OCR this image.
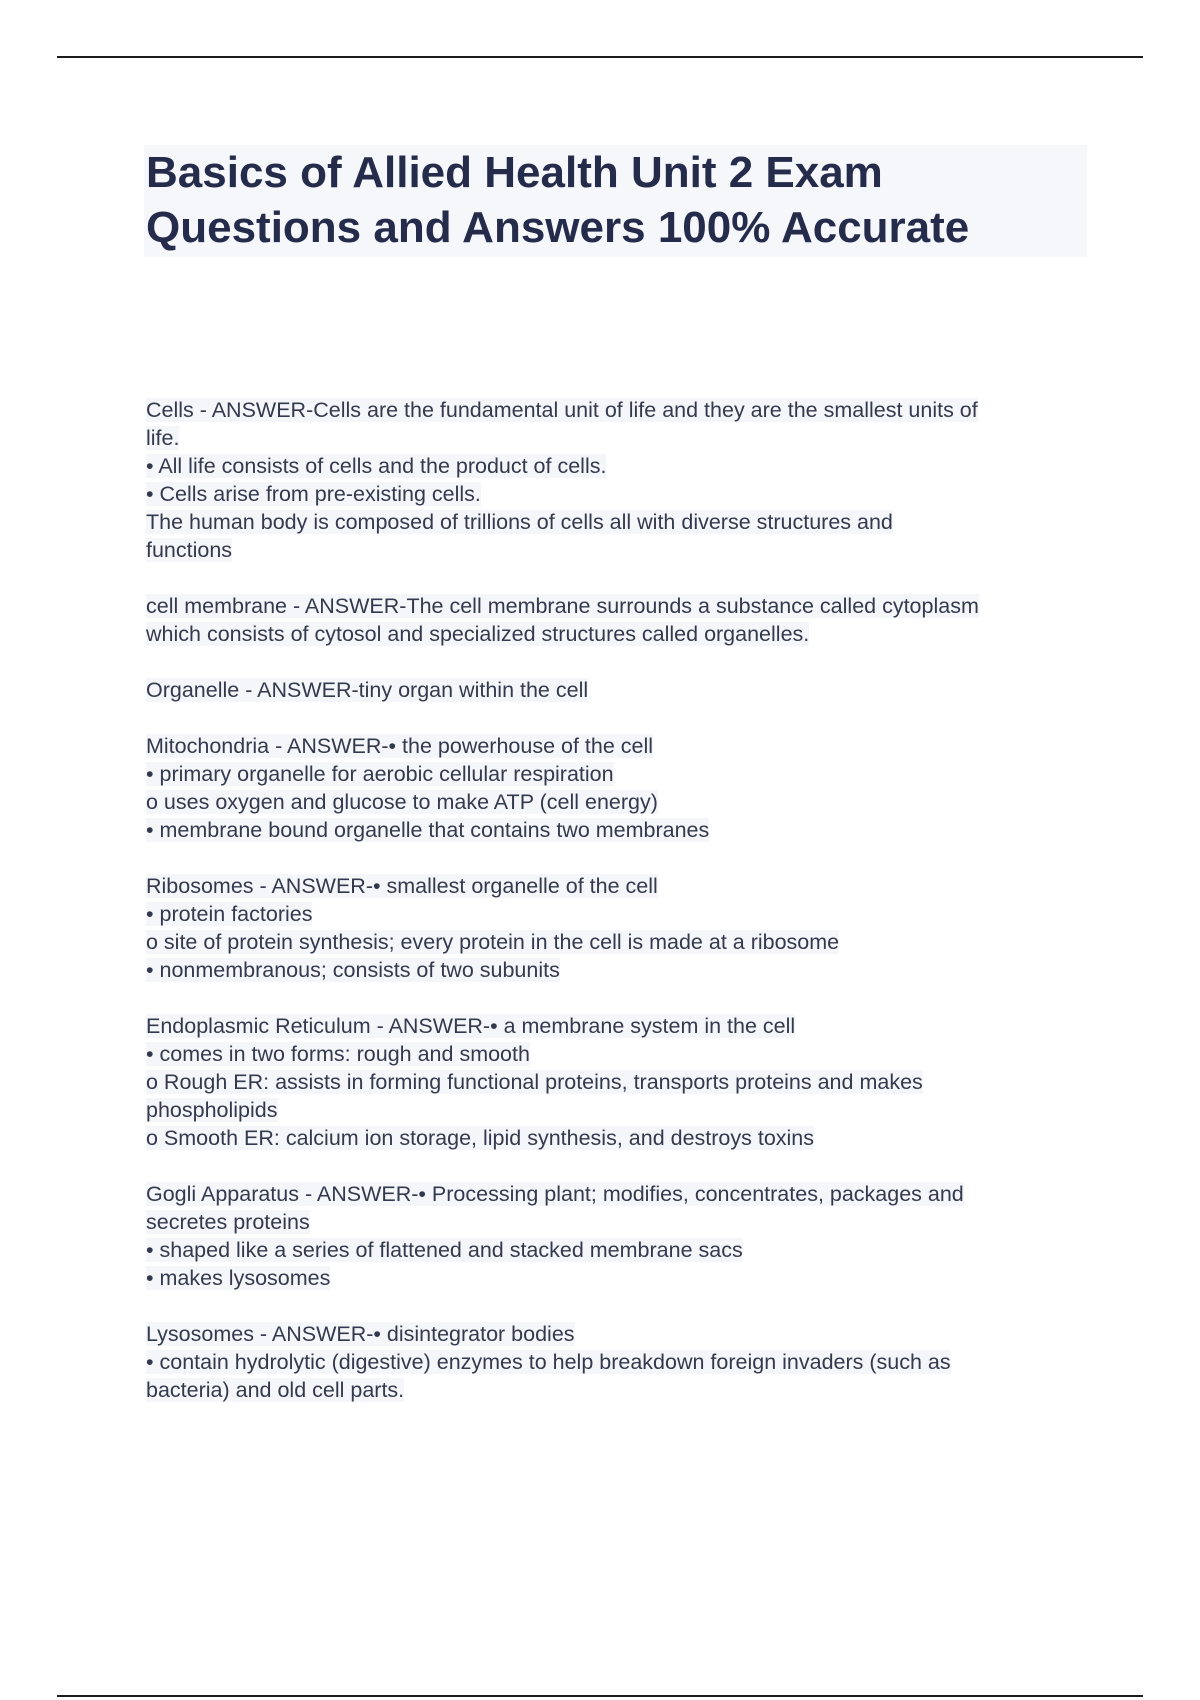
Basics of Allied Health Unit 2 Exam
Questions and Answers 100% Accurate
Cells - ANSWER-Cells are the fundamental unit of life and they are the smallest units of
life.
• All life consists of cells and the product of cells.
• Cells arise from pre-existing cells.
The human body is composed of trillions of cells all with diverse structures and
functions
cell membrane - ANSWER-The cell membrane surrounds a substance called cytoplasm
which consists of cytosol and specialized structures called organelles.
Organelle - ANSWER-tiny organ within the cell
Mitochondria - ANSWER-• the powerhouse of the cell
• primary organelle for aerobic cellular respiration
o uses oxygen and glucose to make ATP (cell energy)
• membrane bound organelle that contains two membranes
Ribosomes - ANSWER-• smallest organelle of the cell
• protein factories
o site of protein synthesis; every protein in the cell is made at a ribosome
• nonmembranous; consists of two subunits
Endoplasmic Reticulum - ANSWER-• a membrane system in the cell
• comes in two forms: rough and smooth
o Rough ER: assists in forming functional proteins, transports proteins and makes
phospholipids
o Smooth ER: calcium ion storage, lipid synthesis, and destroys toxins
Gogli Apparatus - ANSWER-• Processing plant; modifies, concentrates, packages and
secretes proteins
• shaped like a series of flattened and stacked membrane sacs
• makes lysosomes
Lysosomes - ANSWER-• disintegrator bodies
• contain hydrolytic (digestive) enzymes to help breakdown foreign invaders (such as
bacteria) and old cell parts.
